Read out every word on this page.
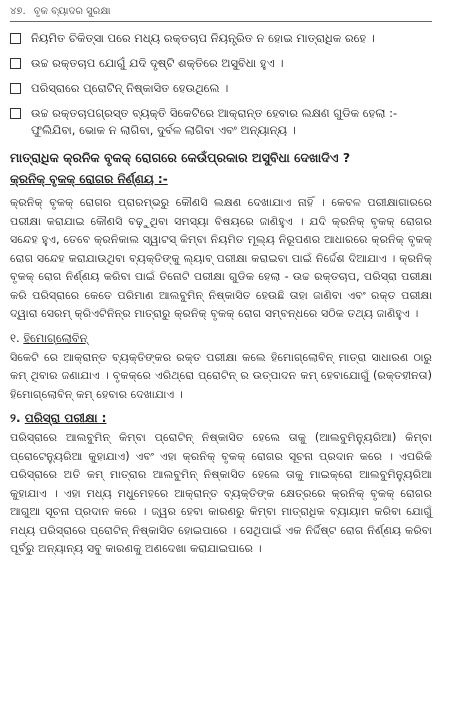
୪୭. ବୃକ ବ୍ୟାଦର ସୁରକ୍ଷା
ନିୟମିତ ଚିକିତ୍ସା ପରେ ମଧ୍ୟ ରକ୍ତଚାପ ନିୟନ୍ତ୍ରିତ ନ ହୋଇ ମାତ୍ରାଧିକ ରହେ ।
ଉଚ୍ଚ ରକ୍ତଚାପ ଯୋଗୁଁ ଯଦି ଦୃଷ୍ଟି ଶକ୍ତିରେ ଅସୁବିଧା ହୁଏ ।
ପରିସ୍ରାରେ ପ୍ରୋଟିନ୍ ନିଷ୍କାସିତ ହେଉଥିଲେ ।
ଉଚ୍ଚ ରକ୍ତଚାପଗ୍ରସ୍ତ ବ୍ୟକ୍ତି ସିକେଟିରେ ଆକ୍ରାନ୍ତ ହେବାର ଲକ୍ଷଣ ଗୁଡିକ ହେଲା :- ଫୁଲିଯିବା, ଭୋକ ନ ଲାଗିବା, ଦୁର୍ବଳ ଲାଗିବା ଏବଂ ଅନ୍ୟାନ୍ୟ ।
ମାତ୍ରାଧିକ କ୍ରନିକ ବୃକକ୍ ରୋଗରେ କେଉଁପ୍ରକାର ଅସୁବିଧା ଦେଖାଦିଏ ?
କ୍ରନିକ୍ ବୃକକ୍ ରୋଗର ନିର୍ଣ୍ଣୟ :-

କ୍ରନିକ୍ ବୃକକ୍ ରୋଗର ପ୍ରାରମ୍ଭରୁ କୌଣସି ଲକ୍ଷଣ ଦେଖାଯାଏ ନାହିଁ । କେବଳ ପରୀକ୍ଷାଗାରରେ ପରୀକ୍ଷା କରାଯାଇ କୌଣସି ବଢ଼ୁଥିବା ସମସ୍ୟା ବିଷୟରେ ଜାଣିହୁଏ । ଯଦି କ୍ରନିକ୍ ବୃକକ୍ ରୋଗର ସନ୍ଦେହ ହୁଏ, ତେବେ କ୍ରନିକାଲ ସ୍ୱାଟସ୍ କିମ୍ବା ନିୟମିତ ମୂଲ୍ୟ ନିରୂପଣର ଆଧାରରେ କ୍ରନିକ୍ ବୃକକ୍ ରୋଗ ସନ୍ଦେହ କରାଯାଉଥିବା ବ୍ୟକ୍ତିଙ୍କୁ ଲ୍ୟାବ୍ ପରୀକ୍ଷା କରାଇବା ପାଇଁ ନିର୍ଦ୍ଦେଶ ଦିଆଯାଏ । କ୍ରନିକ୍ ବୃକକ୍ ରୋଗ ନିର୍ଣ୍ଣୟ କରିବା ପାଇଁ ତିନୋଟି ପରୀକ୍ଷା ଗୁଡିକ ହେଲା - ଉଚ୍ଚ ରକ୍ତଚାପ, ପରିସ୍ରା ପରୀକ୍ଷା କରି ପରିସ୍ରାରେ କେତେ ପରିମାଣ ଆଲବୁମିନ୍ ନିଷ୍କାସିତ ହେଉଛି ତାହା ଜାଣିବା ଏବଂ ରକ୍ତ ପରୀକ୍ଷା ଦ୍ୱାରା ସେରମ୍ କ୍ରିଏଟିନିନ୍‌ର ମାତ୍ରାରୁ କ୍ରନିକ୍ ବୃକକ୍ ରୋଗ ସମ୍ବନ୍ଧରେ ସଠିକ ତଥ୍ୟ ଜାଣିହୁଏ ।

୧. ହିମୋଗ୍ଲୋବିନ୍

ସିକେଟି ରେ ଆକ୍ରାନ୍ତ ବ୍ୟକ୍ତିଙ୍କର ରକ୍ତ ପରୀକ୍ଷା କଲେ ହିମୋଗ୍ଲୋବିନ୍ ମାତ୍ରା ସାଧାରଣ ଠାରୁ କମ୍ ଥିବାର ଜଣାଯାଏ । ବୃକକ୍‌ରେ ଏରିଥ୍ରୋ ପ୍ରୋଟିନ୍ ର ଉତ୍ପାଦନ କମ୍ ହେବାଯୋଗୁଁ (ରକ୍ତହୀନତା) ହିମୋଗ୍ଲୋବିନ୍ କମ୍ ହେବାର ଦେଖାଯାଏ ।

୨. ପରିସ୍ରା ପରୀକ୍ଷା :

ପରିସ୍ରାରେ ଆଲବୁମିନ୍ କିମ୍ବା ପ୍ରୋଟିନ୍ ନିଷ୍କାସିତ ହେଲେ ତାକୁ (ଆଲବୁମିନ୍ୟୁରିଆ) କିମ୍ବା ପ୍ରୋଟେନ୍ୟୁରିଆ କୁହାଯାଏ) ଏବଂ ଏହା କ୍ରନିକ୍ ବୃକକ୍ ରୋଗର ସୂଚନା ପ୍ରଦାନ କରେ । ଏପରିକି ପରିସ୍ରାରେ ଅତି କମ୍ ମାତ୍ରାର ଆଲବୁମିନ୍ ନିଷ୍କାସିତ ହେଲେ ତାକୁ ମାଇକ୍ରୋ ଆଲବୁମିନ୍ୟୁରିଆ କୁହାଯାଏ । ଏହା ମଧ୍ୟ ମଧୁମେହରେ ଆକ୍ରାନ୍ତ ବ୍ୟକ୍ତିଙ୍କ କ୍ଷେତ୍ରରେ କ୍ରନିକ୍ ବୃକକ୍ ରୋଗର ଆଗୁଆ ସୂଚନା ପ୍ରଦାନ କରେ । ଜ୍ୱର ହେବା କାରଣରୁ କିମ୍ବା ମାତ୍ରାଧିକ ବ୍ୟାୟାମ କରିବା ଯୋଗୁଁ ମଧ୍ୟ ପରିସ୍ରାରେ ପ୍ରୋଟିନ୍ ନିଷ୍କାସିତ ହୋଇପାରେ । ସେଥିପାଇଁ ଏକ ନିର୍ଦ୍ଦିଷ୍ଟ ରୋଗ ନିର୍ଣ୍ଣୟ କରିବା ପୂର୍ବରୁ ଅନ୍ୟାନ୍ୟ ସବୁ କାରଣକୁ ଅଣଦେଖା କରାଯାଇପାରେ ।
